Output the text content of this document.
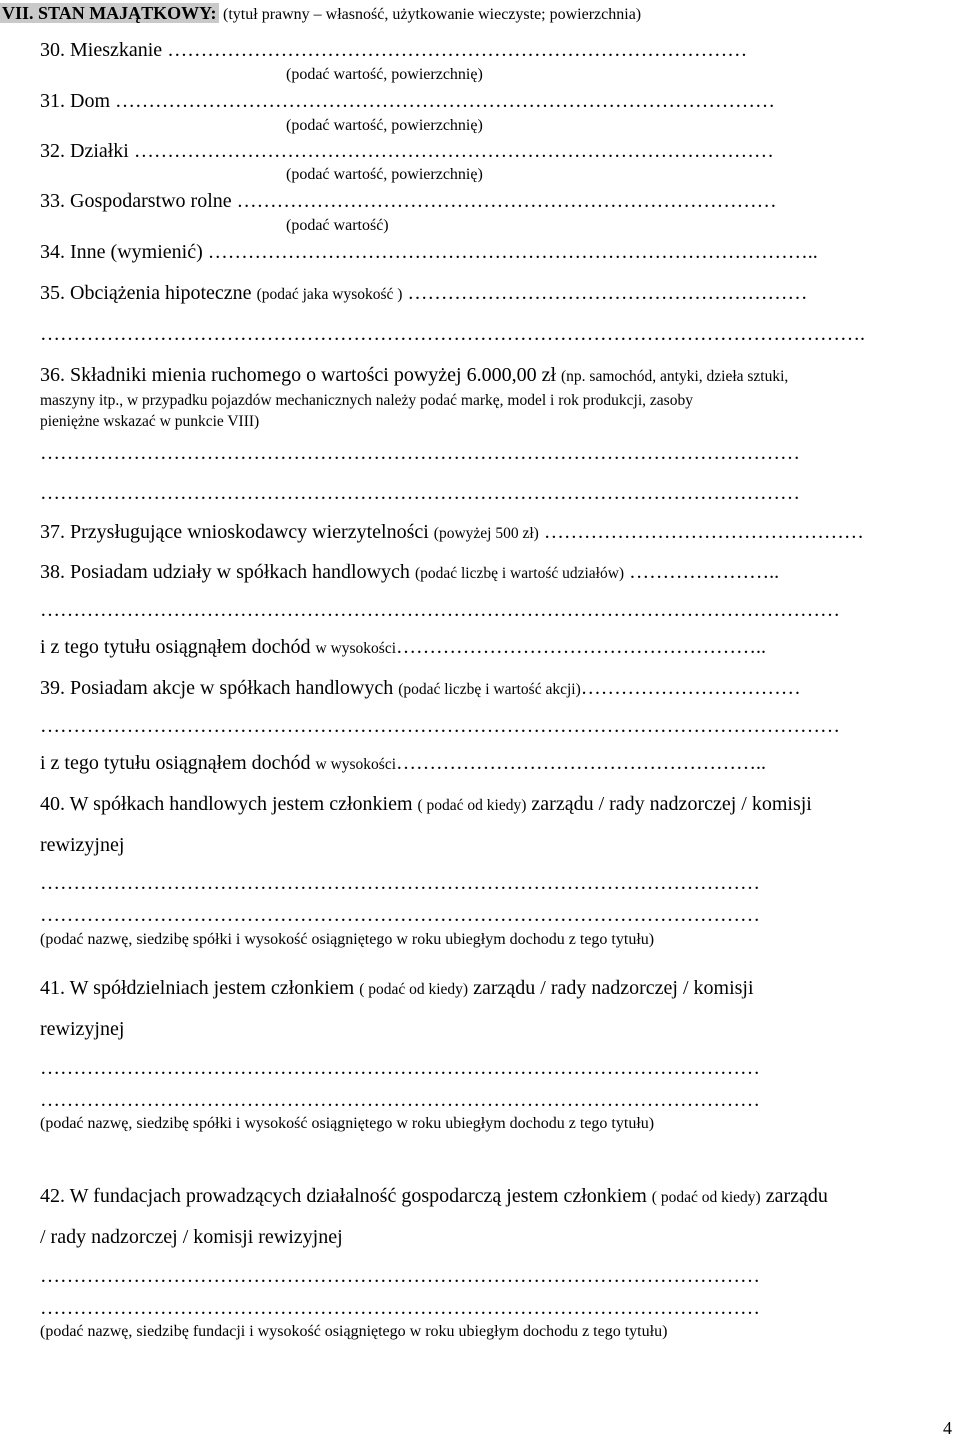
VII. STAN MAJĄTKOWY: (tytuł prawny – własność, użytkowanie wieczyste; powierzchnia)
30. Mieszkanie ……………………………………………………………………………
(podać wartość, powierzchnię)
31. Dom ………………………………………………………………………………………
(podać wartość, powierzchnię)
32. Działki ……………………………………………………………………………………
(podać wartość, powierzchnię)
33. Gospodarstwo rolne ………………………………………………………………………
(podać wartość)
34. Inne (wymienić) ………………………………………………………………………………..
35. Obciążenia hipoteczne (podać jaka wysokość ) ……………………………………………………
…………………………………………………………………………………………………………….
36. Składniki mienia ruchomego o wartości powyżej 6.000,00 zł (np. samochód, antyki, dzieła sztuki,
maszyny itp., w przypadku pojazdów mechanicznych należy podać markę, model i rok produkcji, zasoby
pieniężne wskazać w punkcie VIII)
……………………………………………………………………………………………………
……………………………………………………………………………………………………
37. Przysługujące wnioskodawcy wierzytelności (powyżej 500 zł) …………………………………………
38. Posiadam udziały w spółkach handlowych (podać liczbę i wartość udziałów) …………………..
…………………………………………………………………………………………………………
i z tego tytułu osiągnąłem dochód w wysokości………………………………………………..
39. Posiadam akcje w spółkach handlowych (podać liczbę i wartość akcji)……………………………
…………………………………………………………………………………………………………
i z tego tytułu osiągnąłem dochód w wysokości………………………………………………..
40. W spółkach handlowych jestem członkiem ( podać od kiedy) zarządu / rady nadzorczej / komisji
rewizyjnej
………………………………………………………………………………………………
………………………………………………………………………………………………
(podać nazwę, siedzibę spółki i wysokość osiągniętego w roku ubiegłym dochodu z tego tytułu)
41. W spółdzielniach jestem członkiem ( podać od kiedy) zarządu / rady nadzorczej / komisji
rewizyjnej
………………………………………………………………………………………………
………………………………………………………………………………………………
(podać nazwę, siedzibę spółki i wysokość osiągniętego w roku ubiegłym dochodu z tego tytułu)
42. W fundacjach prowadzących działalność gospodarczą jestem członkiem ( podać od kiedy) zarządu
/ rady nadzorczej / komisji rewizyjnej
………………………………………………………………………………………………
………………………………………………………………………………………………
(podać nazwę, siedzibę fundacji i wysokość osiągniętego w roku ubiegłym dochodu z tego tytułu)
4
